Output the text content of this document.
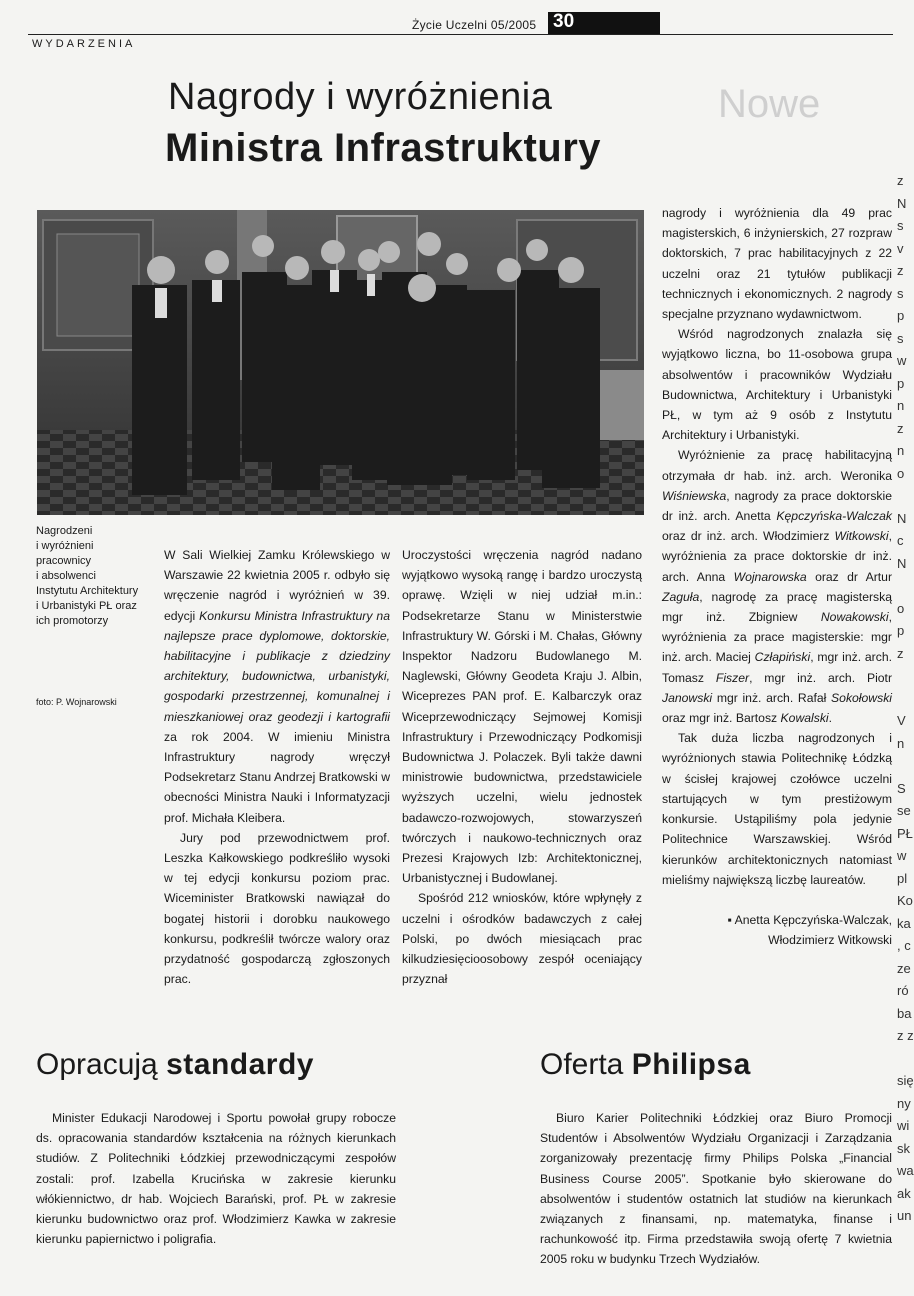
Nowe
WYDARZENIA
Życie Uczelni 05/2005 30
Nagrody i wyróżnienia
Ministra Infrastruktury
Nagrodzeni
i wyróżnieni
pracownicy
i absolwenci
Instytutu Architektury
i Urbanistyki PŁ oraz
ich promotorzy
foto: P. Wojnarowski

W Sali Wielkiej Zamku Królewskiego w Warszawie 22 kwietnia 2005 r. odbyło się wręczenie nagród i wyróżnień w 39. edycji Konkursu Ministra Infrastruktury na najlepsze prace dyplomowe, doktorskie, habilitacyjne i publikacje z dziedziny architektury, budownictwa, urbanistyki, gospodarki przestrzennej, komunalnej i mieszkaniowej oraz geodezji i kartografii za rok 2004. W imieniu Ministra Infrastruktury nagrody wręczył Podsekretarz Stanu Andrzej Bratkowski w obecności Ministra Nauki i Informatyzacji prof. Michała Kleibera.

Jury pod przewodnictwem prof. Leszka Kałkowskiego podkreśliło wysoki w tej edycji konkursu poziom prac. Wiceminister Bratkowski nawiązał do bogatej historii i dorobku naukowego konkursu, podkreślił twórcze walory oraz przydatność gospodarczą zgłoszonych prac.

Uroczystości wręczenia nagród nadano wyjątkowo wysoką rangę i bardzo uroczystą oprawę. Wzięli w niej udział m.in.: Podsekretarze Stanu w Ministerstwie Infrastruktury W. Górski i M. Chałas, Główny Inspektor Nadzoru Budowlanego M. Naglewski, Główny Geodeta Kraju J. Albin, Wiceprezes PAN prof. E. Kalbarczyk oraz Wiceprzewodniczący Sejmowej Komisji Infrastruktury i Przewodniczący Podkomisji Budownictwa J. Polaczek. Byli także dawni ministrowie budownictwa, przedstawiciele wyższych uczelni, wielu jednostek badawczo-rozwojowych, stowarzyszeń twórczych i naukowo-technicznych oraz Prezesi Krajowych Izb: Architektonicznej, Urbanistycznej i Budowlanej.

Spośród 212 wniosków, które wpłynęły z uczelni i ośrodków badawczych z całej Polski, po dwóch miesiącach prac kilkudziesięcioosobowy zespół oceniający przyznał

nagrody i wyróżnienia dla 49 prac magisterskich, 6 inżynierskich, 27 rozpraw doktorskich, 7 prac habilitacyjnych z 22 uczelni oraz 21 tytułów publikacji technicznych i ekonomicznych. 2 nagrody specjalne przyznano wydawnictwom.

Wśród nagrodzonych znalazła się wyjątkowo liczna, bo 11-osobowa grupa absolwentów i pracowników Wydziału Budownictwa, Architektury i Urbanistyki PŁ, w tym aż 9 osób z Instytutu Architektury i Urbanistyki.

Wyróżnienie za pracę habilitacyjną otrzymała dr hab. inż. arch. Weronika Wiśniewska, nagrody za prace doktorskie dr inż. arch. Anetta Kępczyńska-Walczak oraz dr inż. arch. Włodzimierz Witkowski, wyróżnienia za prace doktorskie dr inż. arch. Anna Wojnarowska oraz dr Artur Zaguła, nagrodę za pracę magisterską mgr inż. Zbigniew Nowakowski, wyróżnienia za prace magisterskie: mgr inż. arch. Maciej Człapiński, mgr inż. arch. Tomasz Fiszer, mgr inż. arch. Piotr Janowski mgr inż. arch. Rafał Sokołowski oraz mgr inż. Bartosz Kowalski.

Tak duża liczba nagrodzonych i wyróżnionych stawia Politechnikę Łódzką w ścisłej krajowej czołówce uczelni startujących w tym prestiżowym konkursie. Ustąpiliśmy pola jedynie Politechnice Warszawskiej. Wśród kierunków architektonicznych natomiast mieliśmy największą liczbę laureatów.

▪ Anetta Kępczyńska-Walczak,
Włodzimierz Witkowski
Opracują standardy

Minister Edukacji Narodowej i Sportu powołał grupy robocze ds. opracowania standardów kształcenia na różnych kierunkach studiów. Z Politechniki Łódzkiej przewodniczącymi zespołów zostali: prof. Izabella Krucińska w zakresie kierunku włókiennictwo, dr hab. Wojciech Barański, prof. PŁ w zakresie kierunku budownictwo oraz prof. Włodzimierz Kawka w zakresie kierunku papiernictwo i poligrafia.

Oferta Philipsa

Biuro Karier Politechniki Łódzkiej oraz Biuro Promocji Studentów i Absolwentów Wydziału Organizacji i Zarządzania zorganizowały prezentację firmy Philips Polska „Financial Business Course 2005”. Spotkanie było skierowane do absolwentów i studentów ostatnich lat studiów na kierunkach związanych z finansami, np. matematyka, finanse i rachunkowość itp. Firma przedstawiła swoją ofertę 7 kwietnia 2005 roku w budynku Trzech Wydziałów.

z
N
s
v
z
s
p
s
w
p
n
z
n
o

N
c
N

o
p
z

V
n

S
se
PŁ
w
pl
Ko
ka
, c
ze
ró
ba
z z

się
ny
wi
sk
wa
ak
un
